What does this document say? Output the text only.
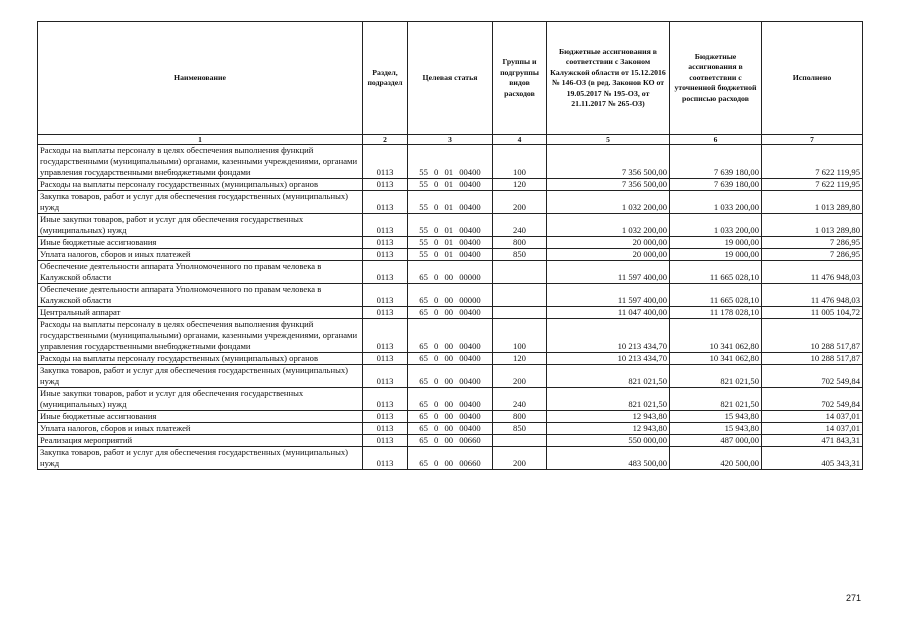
Наименование	Раздел, подраздел	Целевая статья	Группы и подгруппы видов расходов	Бюджетные ассигнования в соответствии с Законом Калужской области от 15.12.2016 № 146-ОЗ (в ред. Законов КО от 19.05.2017 № 195-ОЗ, от 21.11.2017 № 265-ОЗ)	Бюджетные ассигнования в соответствии с уточненной бюджетной росписью расходов	Исполнено
1	2	3	4	5	6	7
Расходы на выплаты персоналу в целях обеспечения выполнения функций государственными (муниципальными) органами, казенными учреждениями, органами управления государственными внебюджетными фондами	0113	55 0 01 00400	100	7 356 500,00	7 639 180,00	7 622 119,95
Расходы на выплаты персоналу государственных (муниципальных) органов	0113	55 0 01 00400	120	7 356 500,00	7 639 180,00	7 622 119,95
Закупка товаров, работ и услуг для обеспечения государственных (муниципальных) нужд	0113	55 0 01 00400	200	1 032 200,00	1 033 200,00	1 013 289,80
Иные закупки товаров, работ и услуг для обеспечения государственных (муниципальных) нужд	0113	55 0 01 00400	240	1 032 200,00	1 033 200,00	1 013 289,80
Иные бюджетные ассигнования	0113	55 0 01 00400	800	20 000,00	19 000,00	7 286,95
Уплата налогов, сборов и иных платежей	0113	55 0 01 00400	850	20 000,00	19 000,00	7 286,95
Обеспечение деятельности аппарата Уполномоченного по правам человека в Калужской области	0113	65 0 00 00000		11 597 400,00	11 665 028,10	11 476 948,03
Обеспечение деятельности аппарата Уполномоченного по правам человека в Калужской области	0113	65 0 00 00000		11 597 400,00	11 665 028,10	11 476 948,03
Центральный аппарат	0113	65 0 00 00400		11 047 400,00	11 178 028,10	11 005 104,72
Расходы на выплаты персоналу в целях обеспечения выполнения функций государственными (муниципальными) органами, казенными учреждениями, органами управления государственными внебюджетными фондами	0113	65 0 00 00400	100	10 213 434,70	10 341 062,80	10 288 517,87
Расходы на выплаты персоналу государственных (муниципальных) органов	0113	65 0 00 00400	120	10 213 434,70	10 341 062,80	10 288 517,87
Закупка товаров, работ и услуг для обеспечения государственных (муниципальных) нужд	0113	65 0 00 00400	200	821 021,50	821 021,50	702 549,84
Иные закупки товаров, работ и услуг для обеспечения государственных (муниципальных) нужд	0113	65 0 00 00400	240	821 021,50	821 021,50	702 549,84
Иные бюджетные ассигнования	0113	65 0 00 00400	800	12 943,80	15 943,80	14 037,01
Уплата налогов, сборов и иных платежей	0113	65 0 00 00400	850	12 943,80	15 943,80	14 037,01
Реализация мероприятий	0113	65 0 00 00660		550 000,00	487 000,00	471 843,31
Закупка товаров, работ и услуг для обеспечения государственных (муниципальных) нужд	0113	65 0 00 00660	200	483 500,00	420 500,00	405 343,31
271
